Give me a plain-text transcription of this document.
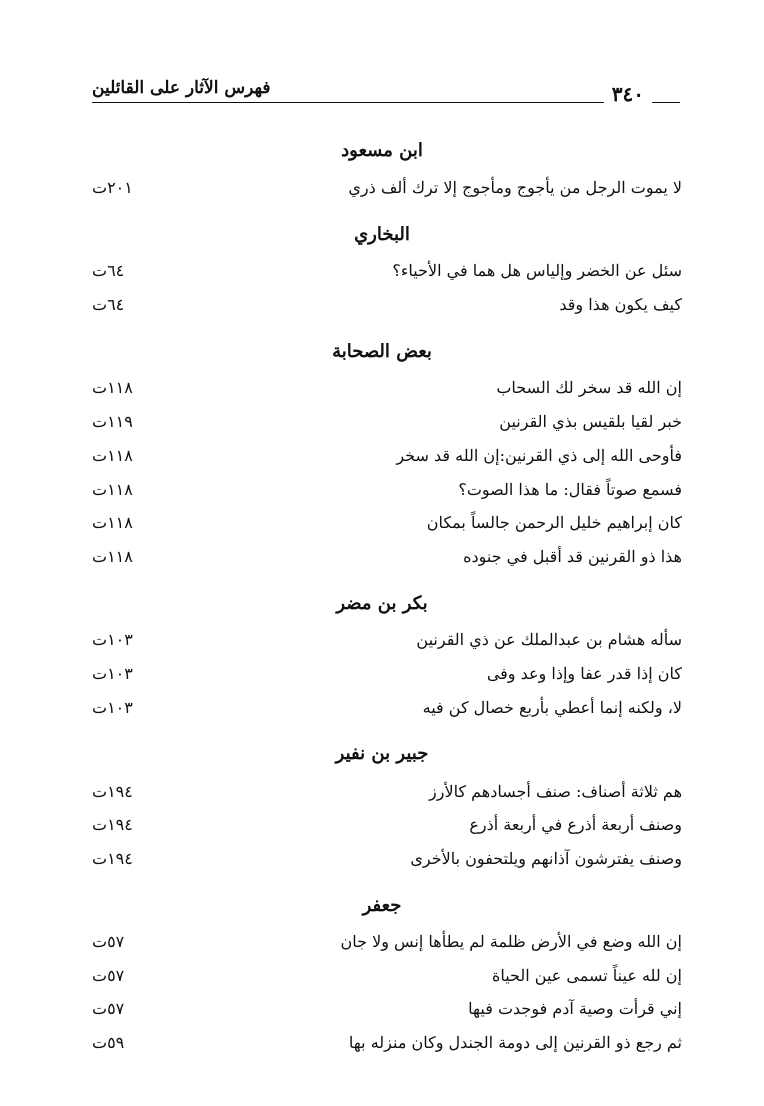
فهرس الآثار على القائلين	٣٤٠
ابن مسعود
لا يموت الرجل من يأجوج ومأجوج إلا ترك ألف ذري
٢٠١ت
البخاري
سئل عن الخضر وإلياس هل هما في الأحياء؟
٦٤ت
كيف يكون هذا وقد
٦٤ت
بعض الصحابة
إن الله قد سخر لك السحاب
١١٨ت
خبر لقيا بلقيس بذي القرنين
١١٩ت
فأوحى الله إلى ذي القرنين:إن الله قد سخر
١١٨ت
فسمع صوتاً فقال: ما هذا الصوت؟
١١٨ت
كان إبراهيم خليل الرحمن جالساً بمكان
١١٨ت
هذا ذو القرنين قد أقبل في جنوده
١١٨ت
بكر بن مضر
سأله هشام بن عبدالملك عن ذي القرنين
١٠٣ت
كان إذا قدر عفا وإذا وعد وفى
١٠٣ت
لا، ولكنه إنما أعطي بأربع خصال كن فيه
١٠٣ت
جبير بن نفير
هم ثلاثة أصناف: صنف أجسادهم كالأرز
١٩٤ت
وصنف أربعة أذرع في أربعة أذرع
١٩٤ت
وصنف يفترشون آذانهم ويلتحفون بالأخرى
١٩٤ت
جعفر
إن الله وضع في الأرض ظلمة لم يطأها إنس ولا جان
٥٧ت
إن لله عيناً تسمى عين الحياة
٥٧ت
إني قرأت وصية آدم فوجدت فيها
٥٧ت
ثم رجع ذو القرنين إلى دومة الجندل وكان منزله بها
٥٩ت
